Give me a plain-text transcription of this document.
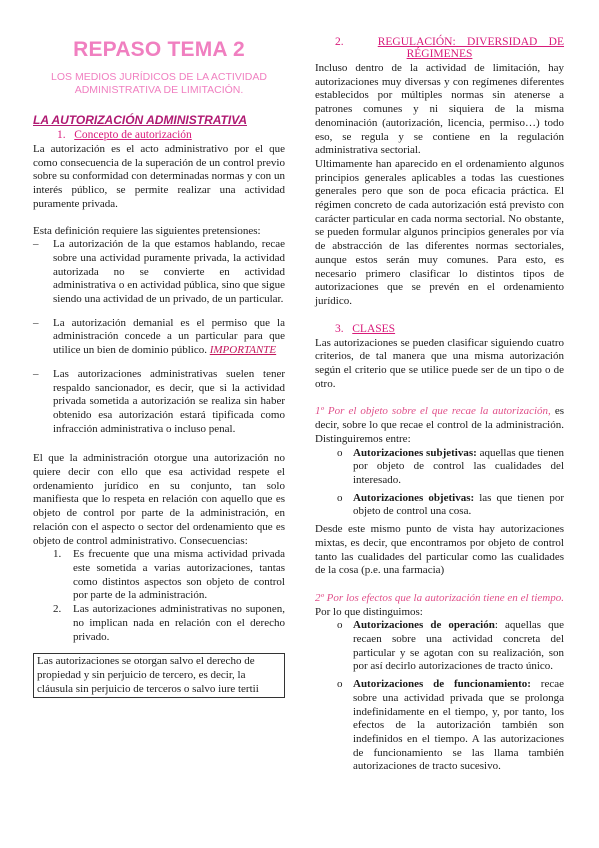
REPASO TEMA 2
LOS MEDIOS JURÍDICOS DE LA ACTIVIDAD ADMINISTRATIVA DE LIMITACIÓN.
LA AUTORIZACIÓN ADMINISTRATIVA
1. Concepto de autorización

La autorización es el acto administrativo por el que como consecuencia de la superación de un control previo sobre su conformidad con determinadas normas y con un interés público, se permite realizar una actividad puramente privada.

Esta definición requiere las siguientes pretensiones:

– La autorización de la que estamos hablando, recae sobre una actividad puramente privada, la actividad autorizada no se convierte en actividad administrativa o en actividad pública, sino que sigue siendo una actividad de un privado, de un particular.
– La autorización demanial es el permiso que la administración concede a un particular para que utilice un bien de dominio público. IMPORTANTE
– Las autorizaciones administrativas suelen tener respaldo sancionador, es decir, que si la actividad privada sometida a autorización se realiza sin haber obtenido esa autorización estará tipificada como infracción administrativa o incluso penal.

El que la administración otorgue una autorización no quiere decir con ello que esa actividad respete el ordenamiento jurídico en su conjunto, tan solo manifiesta que lo respeta en relación con aquello que es objeto de control por parte de la administración, en relación con el aspecto o sector del ordenamiento que es objeto de control administrativo. Consecuencias:

1. Es frecuente que una misma actividad privada este sometida a varias autorizaciones, tantas como distintos aspectos son objeto de control por parte de la administración.
2. Las autorizaciones administrativas no suponen, no implican nada en relación con el derecho privado.
Las autorizaciones se otorgan salvo el derecho de propiedad y sin perjuicio de tercero, es decir, la cláusula sin perjuicio de terceros o salvo iure tertii
2.	REGULACIÓN: DIVERSIDAD DE
RÉGIMENES

Incluso dentro de la actividad de limitación, hay autorizaciones muy diversas y con regímenes diferentes establecidos por múltiples normas sin atenerse a patrones comunes y ni siquiera de la misma denominación (autorización, licencia, permiso…) todo eso, se regula y se contiene en la regulación administrativa sectorial.

Ultimamente han aparecido en el ordenamiento algunos principios generales aplicables a todas las cuestiones generales pero que son de poca eficacia práctica. El régimen concreto de cada autorización está previsto con carácter particular en cada norma sectorial. No obstante, se pueden formular algunos principios generales por vía de abstracción de las diferentes normas sectoriales, aunque estos serán muy comunes. Para esto, es necesario primero clasificar lo distintos tipos de autorizaciones que se prevén en el ordenamiento jurídico.

3. CLASES

Las autorizaciones se pueden clasificar siguiendo cuatro criterios, de tal manera que una misma autorización según el criterio que se utilice puede ser de un tipo o de otro.

1º Por el objeto sobre el que recae la autorización, es decir, sobre lo que recae el control de la administración. Distinguiremos entre:

o Autorizaciones subjetivas: aquellas que tienen por objeto de control las cualidades del interesado.
o Autorizaciones objetivas: las que tienen por objeto de control una cosa.

Desde este mismo punto de vista hay autorizaciones mixtas, es decir, que encontramos por objeto de control tanto las cualidades del particular como las cualidades de la cosa (p.e. una farmacia)

2º Por los efectos que la autorización tiene en el tiempo. Por lo que distinguimos:

o Autorizaciones de operación: aquellas que recaen sobre una actividad concreta del particular y se agotan con su realización, son por así decirlo autorizaciones de tracto único.
o Autorizaciones de funcionamiento: recae sobre una actividad privada que se prolonga indefinidamente en el tiempo, y, por tanto, los efectos de la autorización también son indefinidos en el tiempo. A las autorizaciones de funcionamiento se las llama también autorizaciones de tracto sucesivo.
